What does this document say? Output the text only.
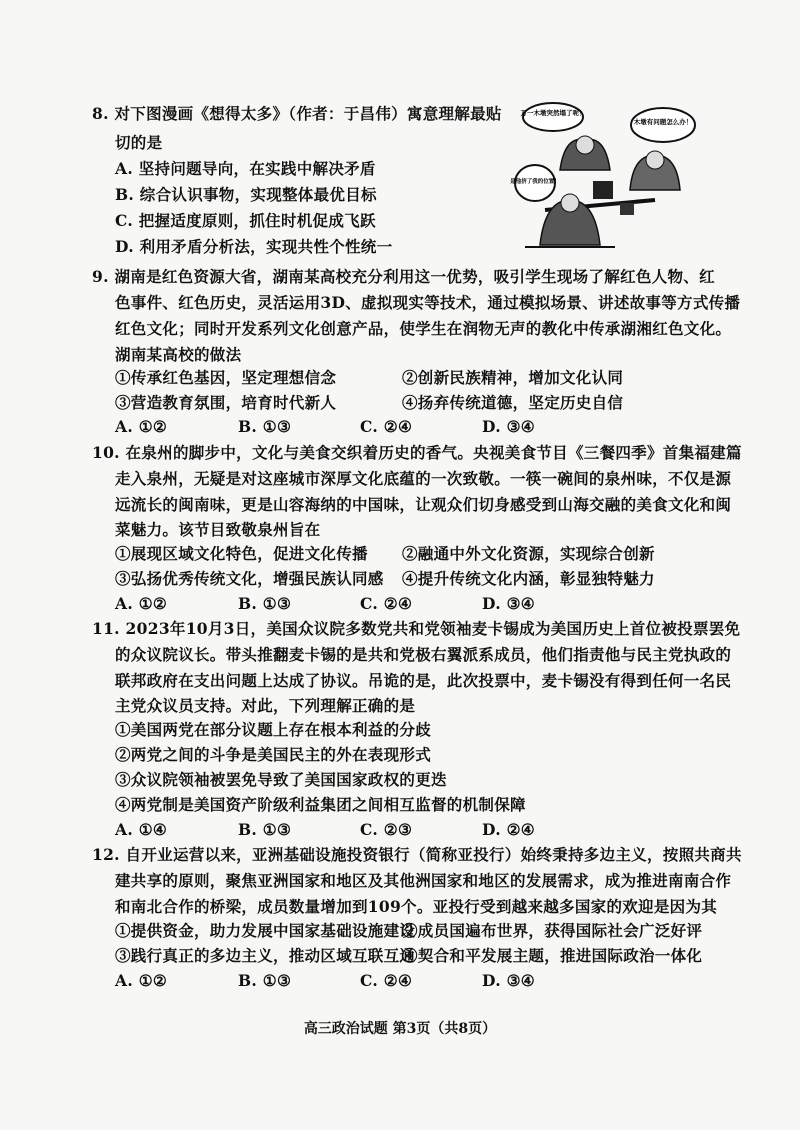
8. 对下图漫画《想得太多》（作者：于昌伟）寓意理解最贴
切的是
A. 坚持问题导向，在实践中解决矛盾
B. 综合认识事物，实现整体最优目标
C. 把握适度原则，抓住时机促成飞跃
D. 利用矛盾分析法，实现共性个性统一
万一木墩突然塌了呢！
木墩有问题怎么办！
是他挤了我的位置！
9. 湖南是红色资源大省，湖南某高校充分利用这一优势，吸引学生现场了解红色人物、红
色事件、红色历史，灵活运用3D、虚拟现实等技术，通过模拟场景、讲述故事等方式传播
红色文化；同时开发系列文化创意产品，使学生在润物无声的教化中传承湖湘红色文化。
湖南某高校的做法
①传承红色基因，坚定理想信念	②创新民族精神，增加文化认同
③营造教育氛围，培育时代新人	④扬弃传统道德，坚定历史自信
A. ①②	B. ①③	C. ②④	D. ③④
10. 在泉州的脚步中，文化与美食交织着历史的香气。央视美食节目《三餐四季》首集福建篇
走入泉州，无疑是对这座城市深厚文化底蕴的一次致敬。一筷一碗间的泉州味，不仅是源
远流长的闽南味，更是山容海纳的中国味，让观众们切身感受到山海交融的美食文化和闽
菜魅力。该节目致敬泉州旨在
①展现区域文化特色，促进文化传播 ②融通中外文化资源，实现综合创新
③弘扬优秀传统文化，增强民族认同感 ④提升传统文化内涵，彰显独特魅力
A. ①②	B. ①③	C. ②④	D. ③④
11. 2023年10月3日，美国众议院多数党共和党领袖麦卡锡成为美国历史上首位被投票罢免
的众议院议长。带头推翻麦卡锡的是共和党极右翼派系成员，他们指责他与民主党执政的
联邦政府在支出问题上达成了协议。吊诡的是，此次投票中，麦卡锡没有得到任何一名民
主党众议员支持。对此，下列理解正确的是
①美国两党在部分议题上存在根本利益的分歧
②两党之间的斗争是美国民主的外在表现形式
③众议院领袖被罢免导致了美国国家政权的更迭
④两党制是美国资产阶级利益集团之间相互监督的机制保障
A. ①④	B. ①③	C. ②③	D. ②④
12. 自开业运营以来，亚洲基础设施投资银行（简称亚投行）始终秉持多边主义，按照共商共
建共享的原则，聚焦亚洲国家和地区及其他洲国家和地区的发展需求，成为推进南南合作
和南北合作的桥梁，成员数量增加到109个。亚投行受到越来越多国家的欢迎是因为其
①提供资金，助力发展中国家基础设施建设
②成员国遍布世界，获得国际社会广泛好评
③践行真正的多边主义，推动区域互联互通
④契合和平发展主题，推进国际政治一体化
A. ①②	B. ①③	C. ②④	D. ③④
高三政治试题 第3页（共8页）
